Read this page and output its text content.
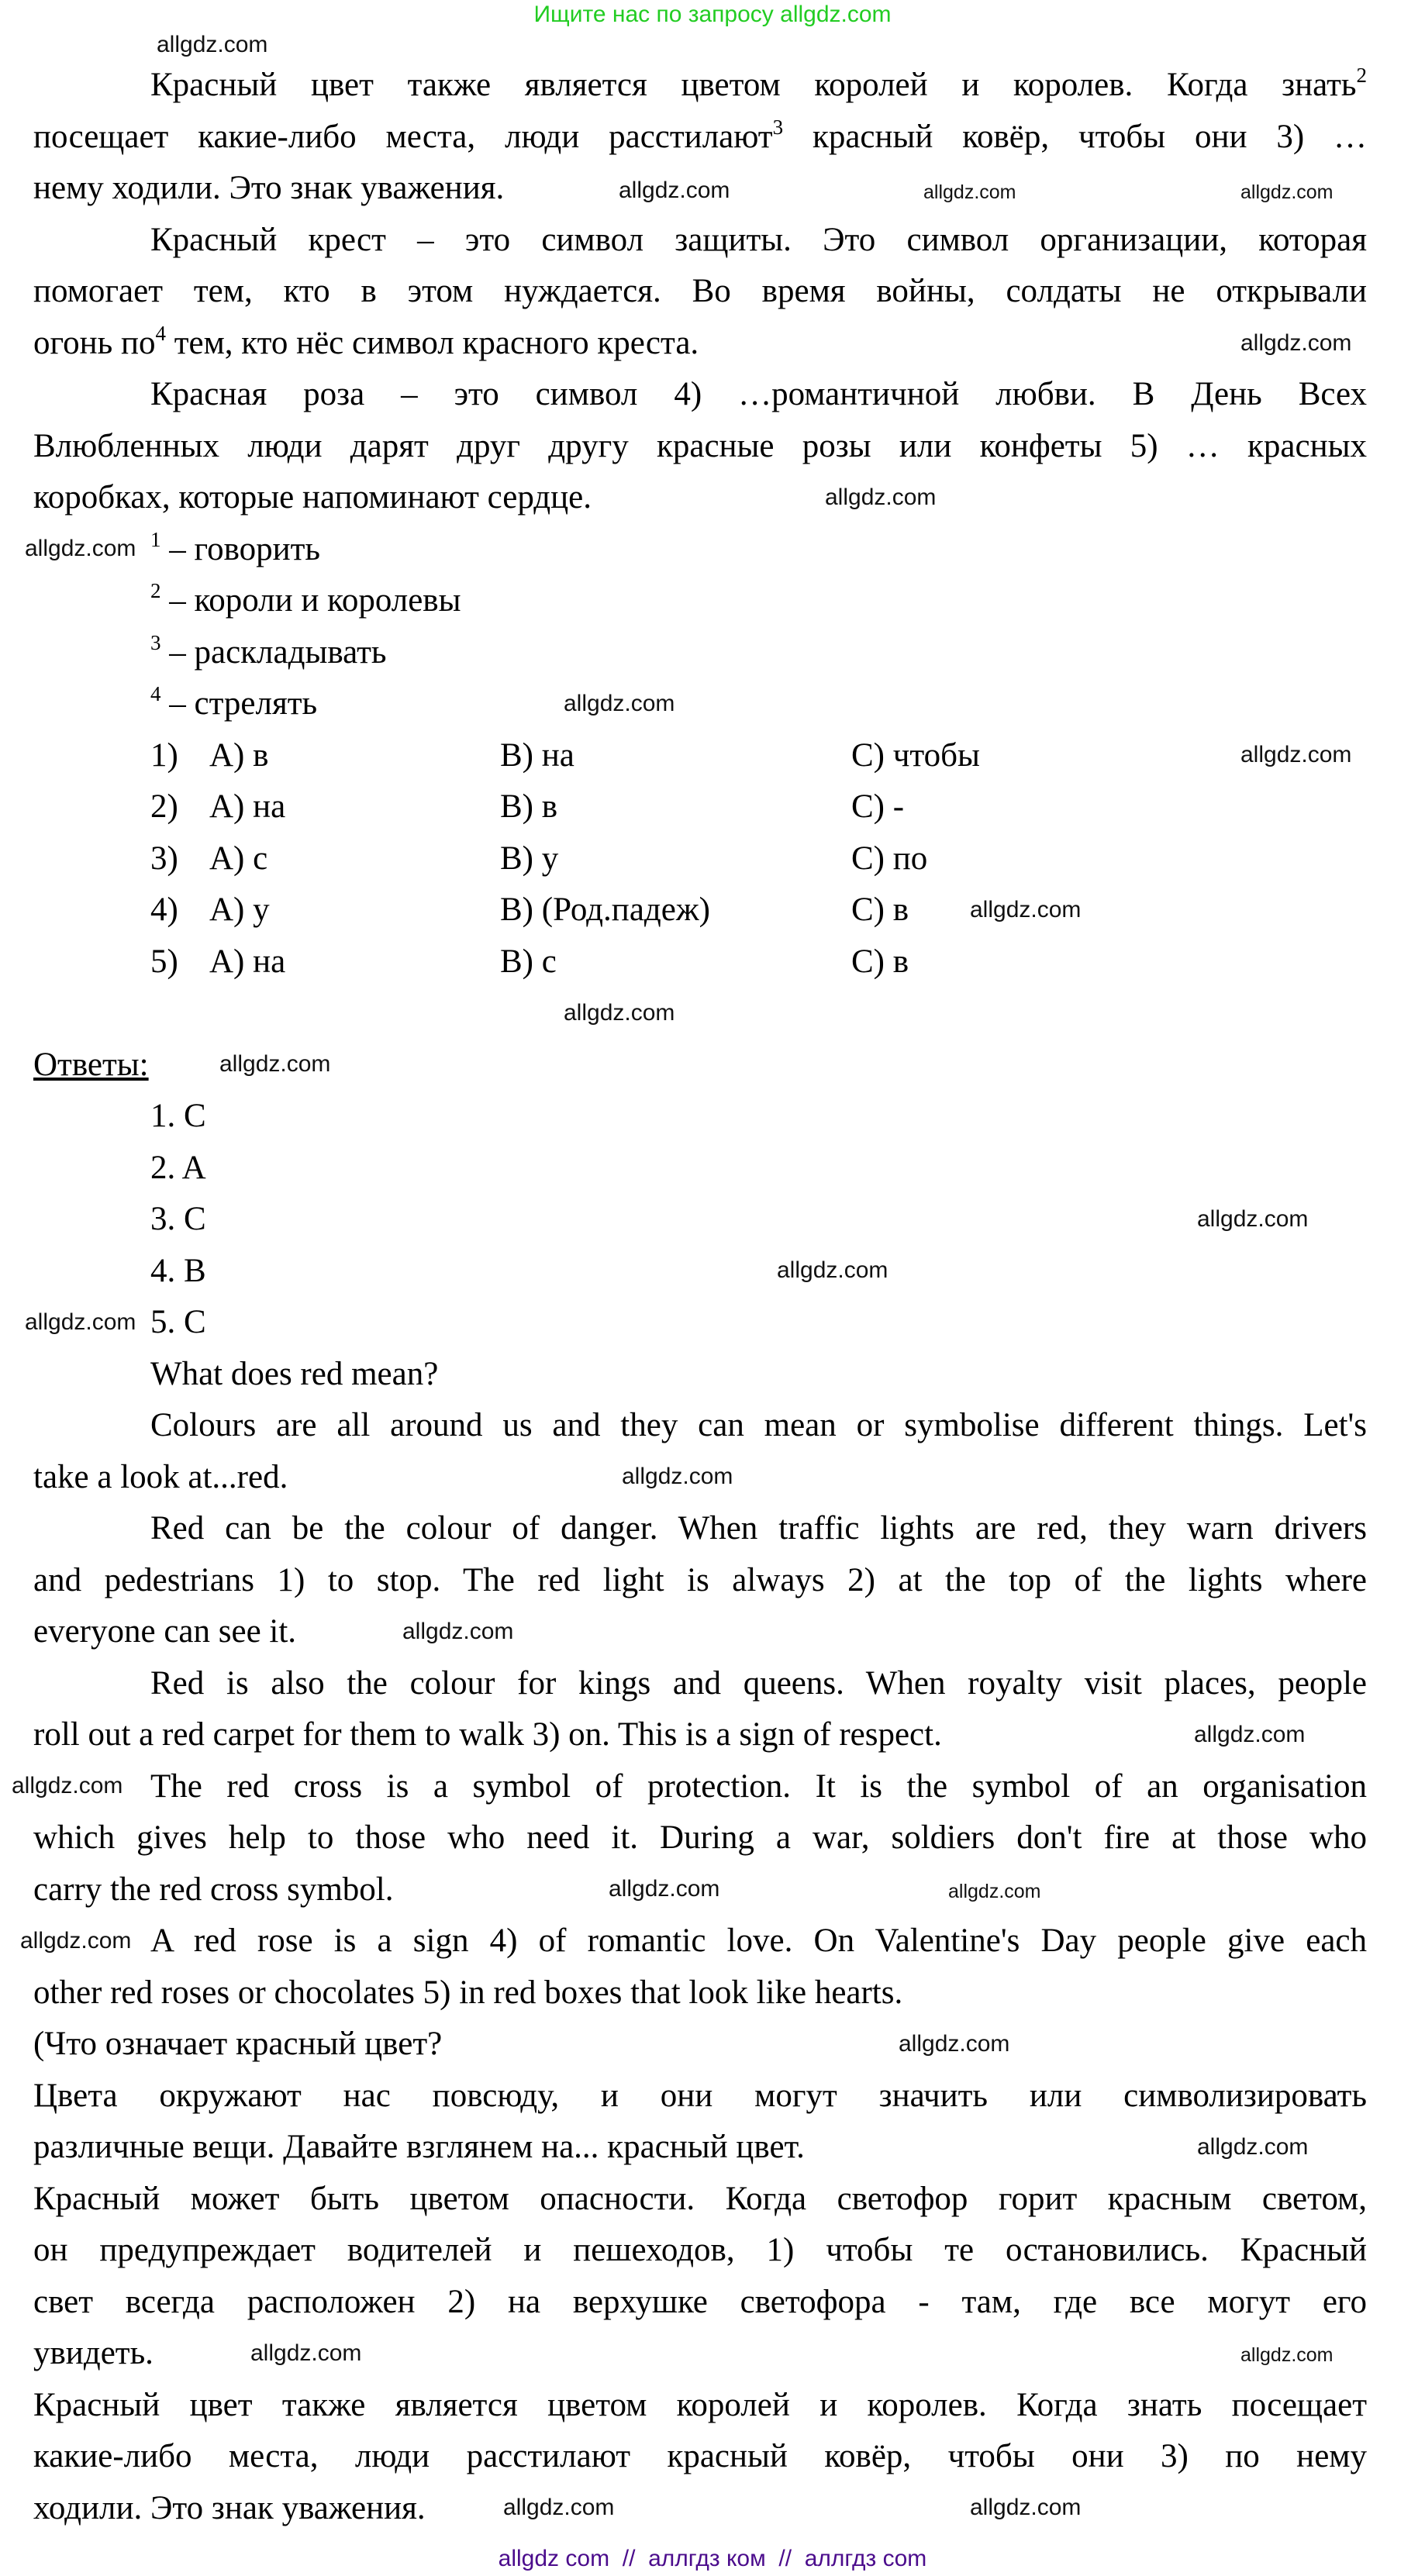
Ищите нас по запросу allgdz.com
Красный цвет также является цветом королей и королев. Когда знать$^2$
посещает какие-либо места, люди расстилают$^3$ красный ковёр, чтобы они 3) …
нему ходили. Это знак уважения.
Красный крест – это символ защиты. Это символ организации, которая
помогает тем, кто в этом нуждается. Во время войны, солдаты не открывали
огонь $по^4$ тем, кто нёс символ красного креста.
Красная роза – это символ 4) …романтичной любви. В День Всех
Влюбленных люди дарят друг другу красные розы или конфеты 5) … красных
коробках, которые напоминают сердце.
$^1$ – говорить
$^2$ – короли и королевы
$^3$ – раскладывать
$^4$ – стрелять
1) A) в	B) на	C) чтобы
2) A) на	B) в	C) -
3) A) с	B) у	C) по
4) A) у	B) (Род.падеж)	C) в
5) A) на	B) с	C) в
Ответы:
1. C
2. A
3. C
4. B
5. C
What does red mean?
Colours are all around us and they can mean or symbolise different things. Let's
take a look at...red.
Red can be the colour of danger. When traffic lights are red, they warn drivers
and pedestrians 1) to stop. The red light is always 2) at the top of the lights where
everyone can see it.
Red is also the colour for kings and queens. When royalty visit places, people
roll out a red carpet for them to walk 3) on. This is a sign of respect.
The red cross is a symbol of protection. It is the symbol of an organisation
which gives help to those who need it. During a war, soldiers don't fire at those who
carry the red cross symbol.
A red rose is a sign 4) of romantic love. On Valentine's Day people give each
other red roses or chocolates 5) in red boxes that look like hearts.
(Что означает красный цвет?
Цвета окружают нас повсюду, и они могут значить или символизировать
различные вещи. Давайте взглянем на... красный цвет.
Красный может быть цветом опасности. Когда светофор горит красным светом,
он предупреждает водителей и пешеходов, 1) чтобы те остановились. Красный
свет всегда расположен 2) на верхушке светофора - там, где все могут его
увидеть.
Красный цвет также является цветом королей и королев. Когда знать посещает
какие-либо места, люди расстилают красный ковёр, чтобы они 3) по нему
ходили. Это знак уважения.
allgdz.com
allgdz.com	allgdz.com	allgdz.com
allgdz.com
allgdz.com
allgdz.com
allgdz.com
allgdz.com
allgdz.com
allgdz.com
allgdz.com
allgdz.com
allgdz.com
allgdz.com
allgdz.com
allgdz.com
allgdz.com
allgdz.com
allgdz.com
allgdz.com
allgdz.com
allgdz.com
allgdz.com
allgdz.com	allgdz.com
allgdz.com
allgdz.com
allgdz com  //  аллгдз ком  //  аллгдз com
